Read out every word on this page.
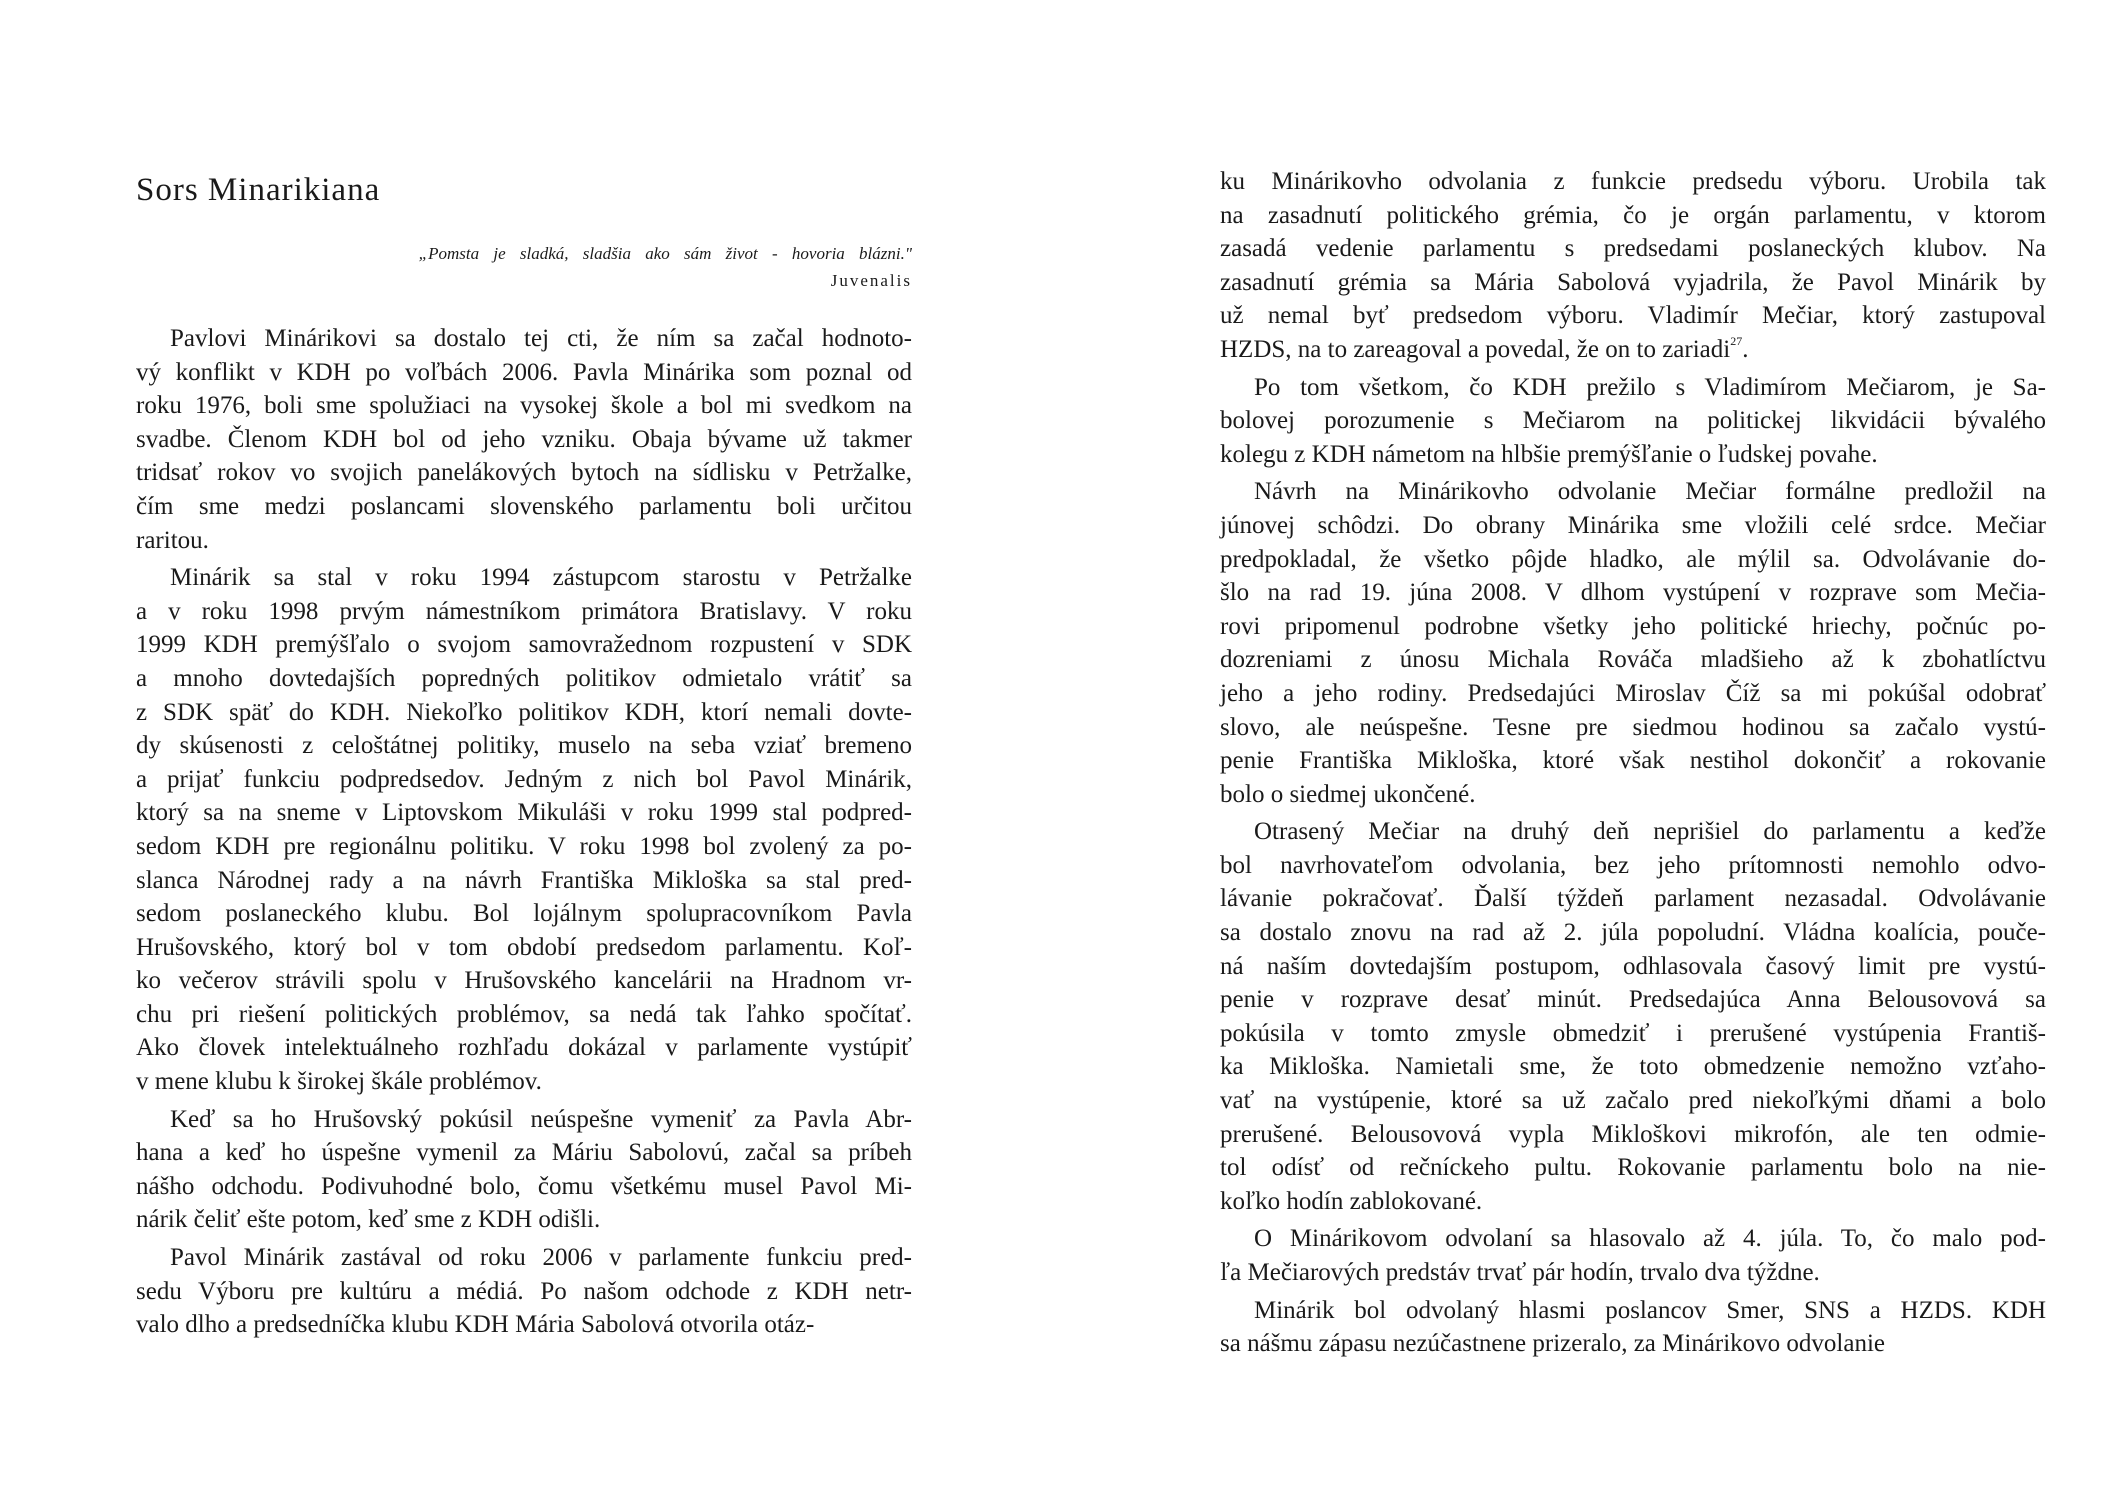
Sors Minarikiana
„Pomsta je sladká, sladšia ako sám život - hovoria blázni."
Juvenalis

Pavlovi Minárikovi sa dostalo tej cti, že ním sa začal hodnoto-
vý konflikt v KDH po voľbách 2006. Pavla Minárika som poznal od
roku 1976, boli sme spolužiaci na vysokej škole a bol mi svedkom na
svadbe. Členom KDH bol od jeho vzniku. Obaja bývame už takmer
tridsať rokov vo svojich panelákových bytoch na sídlisku v Petržalke,
čím sme medzi poslancami slovenského parlamentu boli určitou
raritou.

Minárik sa stal v roku 1994 zástupcom starostu v Petržalke
a v roku 1998 prvým námestníkom primátora Bratislavy. V roku
1999 KDH premýšľalo o svojom samovražednom rozpustení v SDK
a mnoho dovtedajších popredných politikov odmietalo vrátiť sa
z SDK späť do KDH. Niekoľko politikov KDH, ktorí nemali dovte-
dy skúsenosti z celoštátnej politiky, muselo na seba vziať bremeno
a prijať funkciu podpredsedov. Jedným z nich bol Pavol Minárik,
ktorý sa na sneme v Liptovskom Mikuláši v roku 1999 stal podpred-
sedom KDH pre regionálnu politiku. V roku 1998 bol zvolený za po-
slanca Národnej rady a na návrh Františka Mikloška sa stal pred-
sedom poslaneckého klubu. Bol lojálnym spolupracovníkom Pavla
Hrušovského, ktorý bol v tom období predsedom parlamentu. Koľ-
ko večerov strávili spolu v Hrušovského kancelárii na Hradnom vr-
chu pri riešení politických problémov, sa nedá tak ľahko spočítať.
Ako človek intelektuálneho rozhľadu dokázal v parlamente vystúpiť
v mene klubu k širokej škále problémov.

Keď sa ho Hrušovský pokúsil neúspešne vymeniť za Pavla Abr-
hana a keď ho úspešne vymenil za Máriu Sabolovú, začal sa príbeh
nášho odchodu. Podivuhodné bolo, čomu všetkému musel Pavol Mi-
nárik čeliť ešte potom, keď sme z KDH odišli.

Pavol Minárik zastával od roku 2006 v parlamente funkciu pred-
sedu Výboru pre kultúru a médiá. Po našom odchode z KDH netr-
valo dlho a predsedníčka klubu KDH Mária Sabolová otvorila otáz-

ku Minárikovho odvolania z funkcie predsedu výboru. Urobila tak
na zasadnutí politického grémia, čo je orgán parlamentu, v ktorom
zasadá vedenie parlamentu s predsedami poslaneckých klubov. Na
zasadnutí grémia sa Mária Sabolová vyjadrila, že Pavol Minárik by
už nemal byť predsedom výboru. Vladimír Mečiar, ktorý zastupoval
HZDS, na to zareagoval a povedal, že on to zariadi$^{27}$.

Po tom všetkom, čo KDH prežilo s Vladimírom Mečiarom, je Sa-
bolovej porozumenie s Mečiarom na politickej likvidácii bývalého
kolegu z KDH námetom na hlbšie premýšľanie o ľudskej povahe.

Návrh na Minárikovho odvolanie Mečiar formálne predložil na
júnovej schôdzi. Do obrany Minárika sme vložili celé srdce. Mečiar
predpokladal, že všetko pôjde hladko, ale mýlil sa. Odvolávanie do-
šlo na rad 19. júna 2008. V dlhom vystúpení v rozprave som Mečia-
rovi pripomenul podrobne všetky jeho politické hriechy, počnúc po-
dozreniami z únosu Michala Rováča mladšieho až k zbohatlíctvu
jeho a jeho rodiny. Predsedajúci Miroslav Číž sa mi pokúšal odobrať
slovo, ale neúspešne. Tesne pre siedmou hodinou sa začalo vystú-
penie Františka Mikloška, ktoré však nestihol dokončiť a rokovanie
bolo o siedmej ukončené.

Otrasený Mečiar na druhý deň neprišiel do parlamentu a keďže
bol navrhovateľom odvolania, bez jeho prítomnosti nemohlo odvo-
lávanie pokračovať. Ďalší týždeň parlament nezasadal. Odvolávanie
sa dostalo znovu na rad až 2. júla popoludní. Vládna koalícia, pouče-
ná naším dovtedajším postupom, odhlasovala časový limit pre vystú-
penie v rozprave desať minút. Predsedajúca Anna Belousovová sa
pokúsila v tomto zmysle obmedziť i prerušené vystúpenia Františ-
ka Mikloška. Namietali sme, že toto obmedzenie nemožno vzťaho-
vať na vystúpenie, ktoré sa už začalo pred niekoľkými dňami a bolo
prerušené. Belousovová vypla Mikloškovi mikrofón, ale ten odmie-
tol odísť od rečníckeho pultu. Rokovanie parlamentu bolo na nie-
koľko hodín zablokované.

O Minárikovom odvolaní sa hlasovalo až 4. júla. To, čo malo pod-
ľa Mečiarových predstáv trvať pár hodín, trvalo dva týždne.

Minárik bol odvolaný hlasmi poslancov Smer, SNS a HZDS. KDH
sa nášmu zápasu nezúčastnene prizeralo, za Minárikovo odvolanie
